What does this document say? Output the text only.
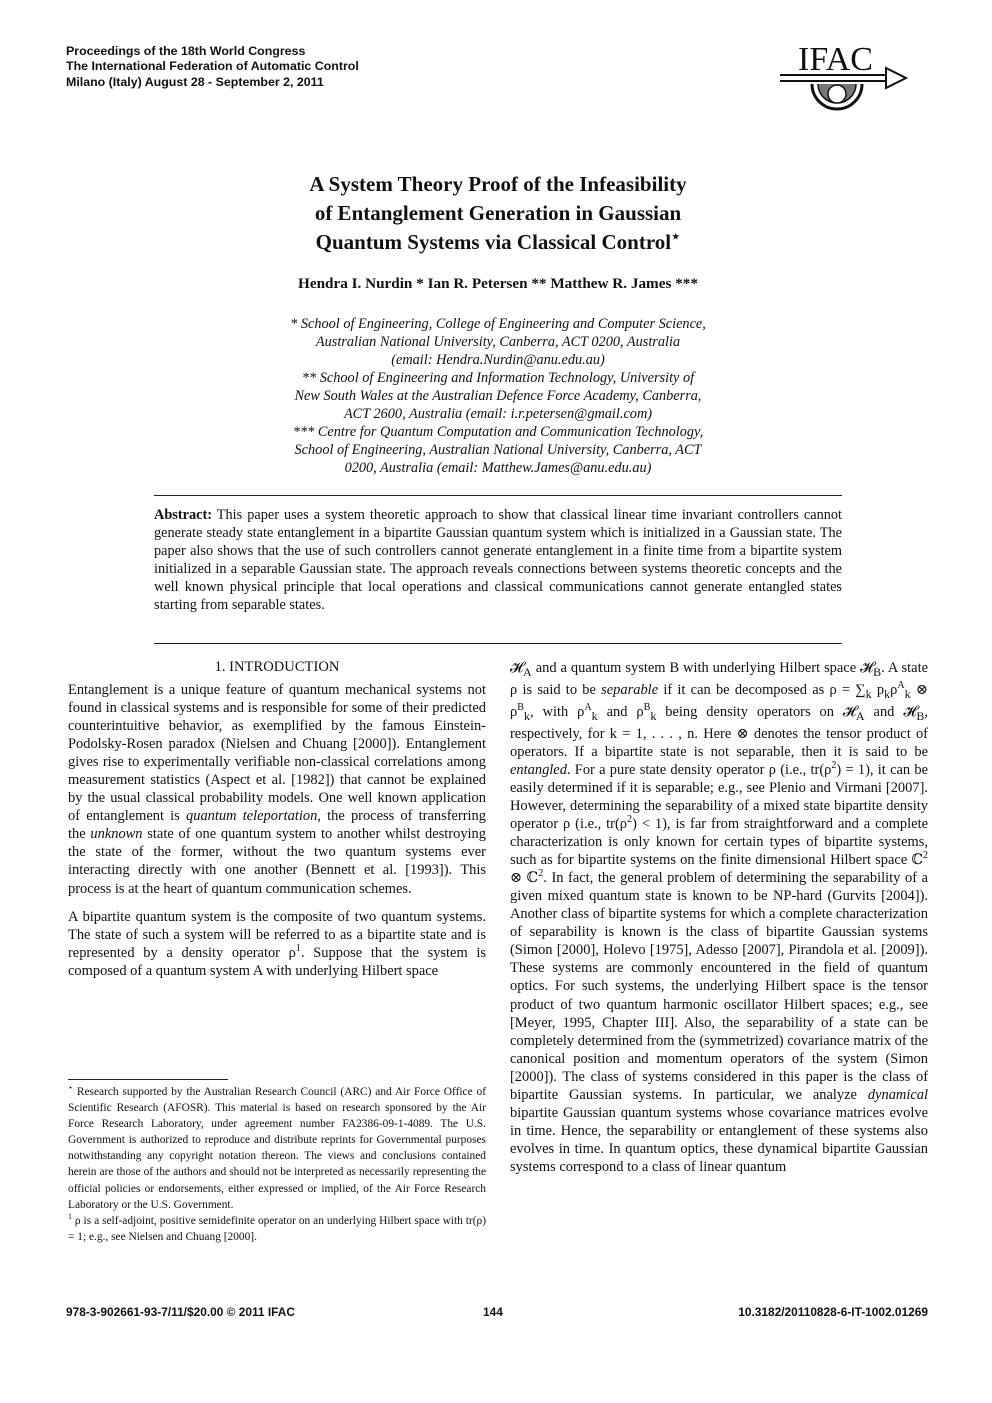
Proceedings of the 18th World Congress
The International Federation of Automatic Control
Milano (Italy) August 28 - September 2, 2011
IFAC
A System Theory Proof of the Infeasibility
of Entanglement Generation in Gaussian
Quantum Systems via Classical Control⋆
Hendra I. Nurdin * Ian R. Petersen ** Matthew R. James ***
* School of Engineering, College of Engineering and Computer Science,
Australian National University, Canberra, ACT 0200, Australia
(email: Hendra.Nurdin@anu.edu.au)
** School of Engineering and Information Technology, University of
New South Wales at the Australian Defence Force Academy, Canberra,
ACT 2600, Australia (email: i.r.petersen@gmail.com)
*** Centre for Quantum Computation and Communication Technology,
School of Engineering, Australian National University, Canberra, ACT
0200, Australia (email: Matthew.James@anu.edu.au)
Abstract: This paper uses a system theoretic approach to show that classical linear time invariant controllers cannot generate steady state entanglement in a bipartite Gaussian quantum system which is initialized in a Gaussian state. The paper also shows that the use of such controllers cannot generate entanglement in a finite time from a bipartite system initialized in a separable Gaussian state. The approach reveals connections between systems theoretic concepts and the well known physical principle that local operations and classical communications cannot generate entangled states starting from separable states.
1. INTRODUCTION

Entanglement is a unique feature of quantum mechanical systems not found in classical systems and is responsible for some of their predicted counterintuitive behavior, as exemplified by the famous Einstein-Podolsky-Rosen paradox (Nielsen and Chuang [2000]). Entanglement gives rise to experimentally verifiable non-classical correlations among measurement statistics (Aspect et al. [1982]) that cannot be explained by the usual classical probability models. One well known application of entanglement is quantum teleportation, the process of transferring the unknown state of one quantum system to another whilst destroying the state of the former, without the two quantum systems ever interacting directly with one another (Bennett et al. [1993]). This process is at the heart of quantum communication schemes.

A bipartite quantum system is the composite of two quantum systems. The state of such a system will be referred to as a bipartite state and is represented by a density operator $\rho^1$. Suppose that the system is composed of a quantum system A with underlying Hilbert space

⋆ Research supported by the Australian Research Council (ARC) and Air Force Office of Scientific Research (AFOSR). This material is based on research sponsored by the Air Force Research Laboratory, under agreement number FA2386-09-1-4089. The U.S. Government is authorized to reproduce and distribute reprints for Governmental purposes notwithstanding any copyright notation thereon. The views and conclusions contained herein are those of the authors and should not be interpreted as necessarily representing the official policies or endorsements, either expressed or implied, of the Air Force Research Laboratory or the U.S. Government.

$^1$ ρ is a self-adjoint, positive semidefinite operator on an underlying Hilbert space with tr(ρ) = 1; e.g., see Nielsen and Chuang [2000].

𝓗$_A$ and a quantum system B with underlying Hilbert space 𝓗$_B$. A state ρ is said to be separable if it can be decomposed as $\rho = \sum_k$ $p_k\rho^A_k$ ⊗ $\rho^B_k$, with $\rho^A_k$ and $\rho^B_k$ being density operators on 𝓗$_A$ and 𝓗$_B$, respectively, for k = 1, . . . , n. Here ⊗ denotes the tensor product of operators. If a bipartite state is not separable, then it is said to be entangled. For a pure state density operator ρ (i.e., $tr(\rho^2) = 1$), it can be easily determined if it is separable; e.g., see Plenio and Virmani [2007]. However, determining the separability of a mixed state bipartite density operator ρ (i.e., $tr(\rho^2) < 1$), is far from straightforward and a complete characterization is only known for certain types of bipartite systems, such as for bipartite systems on the finite dimensional Hilbert space ℂ$^2$ ⊗ ℂ$^2$. In fact, the general problem of determining the separability of a given mixed quantum state is known to be NP-hard (Gurvits [2004]). Another class of bipartite systems for which a complete characterization of separability is known is the class of bipartite Gaussian systems (Simon [2000], Holevo [1975], Adesso [2007], Pirandola et al. [2009]). These systems are commonly encountered in the field of quantum optics. For such systems, the underlying Hilbert space is the tensor product of two quantum harmonic oscillator Hilbert spaces; e.g., see [Meyer, 1995, Chapter III]. Also, the separability of a state can be completely determined from the (symmetrized) covariance matrix of the canonical position and momentum operators of the system (Simon [2000]). The class of systems considered in this paper is the class of bipartite Gaussian systems. In particular, we analyze dynamical bipartite Gaussian quantum systems whose covariance matrices evolve in time. Hence, the separability or entanglement of these systems also evolves in time. In quantum optics, these dynamical bipartite Gaussian systems correspond to a class of linear quantum

978-3-902661-93-7/11/$20.00 © 2011 IFAC	144	10.3182/20110828-6-IT-1002.01269
